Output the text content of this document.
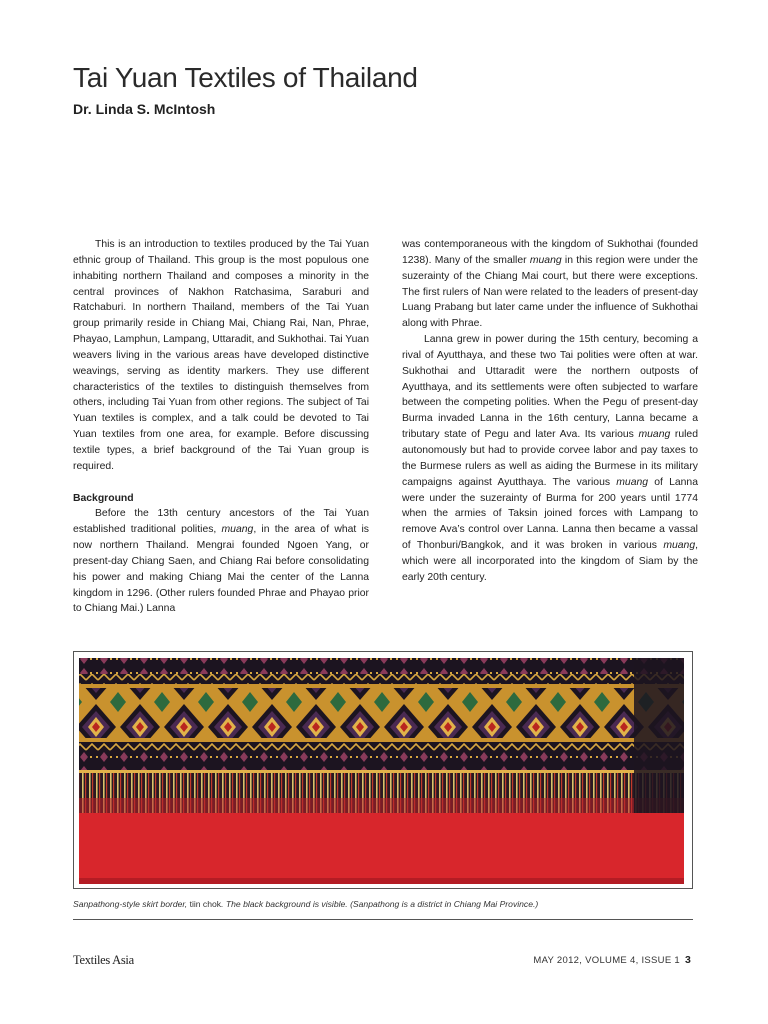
Tai Yuan Textiles of Thailand
Dr. Linda S. McIntosh

This is an introduction to textiles produced by the Tai Yuan ethnic group of Thailand. This group is the most populous one inhabiting northern Thailand and composes a minority in the central provinces of Nakhon Ratchasima, Saraburi and Ratchaburi. In northern Thailand, members of the Tai Yuan group primarily reside in Chiang Mai, Chiang Rai, Nan, Phrae, Phayao, Lamphun, Lampang, Uttaradit, and Sukhothai. Tai Yuan weavers living in the various areas have developed distinctive weavings, serving as identity markers. They use different characteristics of the textiles to distinguish themselves from others, including Tai Yuan from other regions. The subject of Tai Yuan textiles is complex, and a talk could be devoted to Tai Yuan textiles from one area, for example. Before discussing textile types, a brief background of the Tai Yuan group is required.

Background

Before the 13th century ancestors of the Tai Yuan established traditional polities, muang, in the area of what is now northern Thailand. Mengrai founded Ngoen Yang, or present-day Chiang Saen, and Chiang Rai before consolidating his power and making Chiang Mai the center of the Lanna kingdom in 1296. (Other rulers founded Phrae and Phayao prior to Chiang Mai.) Lanna

was contemporaneous with the kingdom of Sukhothai (founded 1238). Many of the smaller muang in this region were under the suzerainty of the Chiang Mai court, but there were exceptions. The first rulers of Nan were related to the leaders of present-day Luang Prabang but later came under the influence of Sukhothai along with Phrae.

Lanna grew in power during the 15th century, becoming a rival of Ayutthaya, and these two Tai polities were often at war. Sukhothai and Uttaradit were the northern outposts of Ayutthaya, and its settlements were often subjected to warfare between the competing polities. When the Pegu of present-day Burma invaded Lanna in the 16th century, Lanna became a tributary state of Pegu and later Ava. Its various muang ruled autonomously but had to provide corvee labor and pay taxes to the Burmese rulers as well as aiding the Burmese in its military campaigns against Ayutthaya. The various muang of Lanna were under the suzerainty of Burma for 200 years until 1774 when the armies of Taksin joined forces with Lampang to remove Ava’s control over Lanna. Lanna then became a vassal of Thonburi/Bangkok, and it was broken in various muang, which were all incorporated into the kingdom of Siam by the early 20th century.

Sanpathong-style skirt border, tiin chok. The black background is visible. (Sanpathong is a district in Chiang Mai Province.)
Textiles Asia	MAY 2012, VOLUME 4, ISSUE 1 3
